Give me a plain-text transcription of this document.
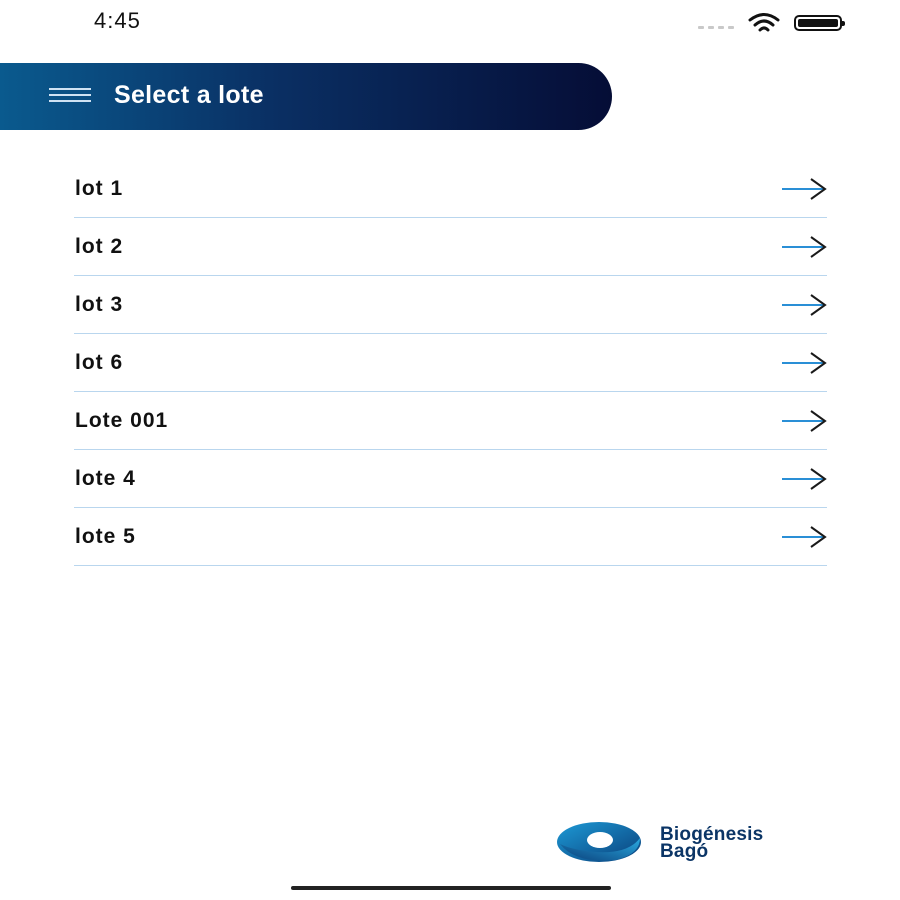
4:45
Select a lote
lot 1
lot 2
lot 3
lot 6
Lote 001
lote 4
lote 5
Biogénesis
Bagó
